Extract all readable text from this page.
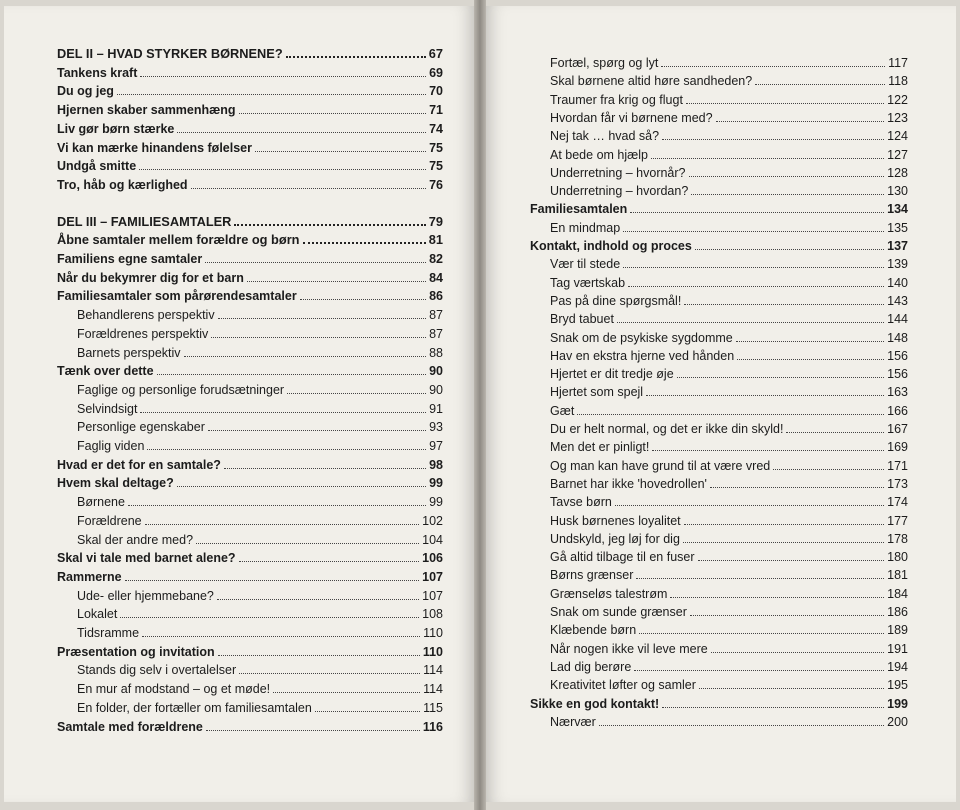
DEL II – HVAD STYRKER BØRNENE?	67
Tankens kraft	69
Du og jeg	70
Hjernen skaber sammenhæng	71
Liv gør børn stærke	74
Vi kan mærke hinandens følelser	75
Undgå smitte	75
Tro, håb og kærlighed	76
DEL III – FAMILIESAMTALER	79
Åbne samtaler mellem forældre og børn	81
Familiens egne samtaler	82
Når du bekymrer dig for et barn	84
Familiesamtaler som pårørendesamtaler	86
Behandlerens perspektiv	87
Forældrenes perspektiv	87
Barnets perspektiv	88
Tænk over dette	90
Faglige og personlige forudsætninger	90
Selvindsigt	91
Personlige egenskaber	93
Faglig viden	97
Hvad er det for en samtale?	98
Hvem skal deltage?	99
Børnene	99
Forældrene	102
Skal der andre med?	104
Skal vi tale med barnet alene?	106
Rammerne	107
Ude- eller hjemmebane?	107
Lokalet	108
Tidsramme	110
Præsentation og invitation	110
Stands dig selv i overtalelser	114
En mur af modstand – og et møde!	114
En folder, der fortæller om familiesamtalen	115
Samtale med forældrene	116
Fortæl, spørg og lyt	117
Skal børnene altid høre sandheden?	118
Traumer fra krig og flugt	122
Hvordan får vi børnene med?	123
Nej tak … hvad så?	124
At bede om hjælp	127
Underretning – hvornår?	128
Underretning – hvordan?	130
Familiesamtalen	134
En mindmap	135
Kontakt, indhold og proces	137
Vær til stede	139
Tag værtskab	140
Pas på dine spørgsmål!	143
Bryd tabuet	144
Snak om de psykiske sygdomme	148
Hav en ekstra hjerne ved hånden	156
Hjertet er dit tredje øje	156
Hjertet som spejl	163
Gæt	166
Du er helt normal, og det er ikke din skyld!	167
Men det er pinligt!	169
Og man kan have grund til at være vred	171
Barnet har ikke 'hovedrollen'	173
Tavse børn	174
Husk børnenes loyalitet	177
Undskyld, jeg løj for dig	178
Gå altid tilbage til en fuser	180
Børns grænser	181
Grænseløs talestrøm	184
Snak om sunde grænser	186
Klæbende børn	189
Når nogen ikke vil leve mere	191
Lad dig berøre	194
Kreativitet løfter og samler	195
Sikke en god kontakt!	199
Nærvær	200
